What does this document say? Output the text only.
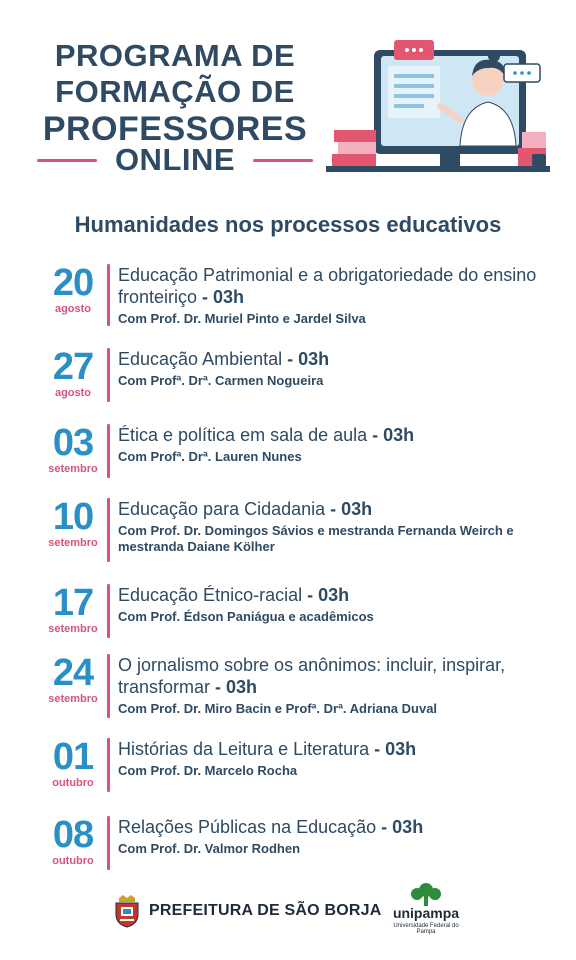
PROGRAMA DE
FORMAÇÃO DE
PROFESSORES
ONLINE
Humanidades nos processos educativos
20
agosto
Educação Patrimonial e a obrigatoriedade do ensino fronteiriço - 03h
Com Prof. Dr. Muriel Pinto e Jardel Silva
27
agosto
Educação Ambiental - 03h
Com Profª. Drª. Carmen Nogueira
03
setembro
Ética e política em sala de aula - 03h
Com Profª. Drª. Lauren Nunes
10
setembro
Educação para Cidadania - 03h
Com Prof. Dr. Domingos Sávios e mestranda Fernanda Weirch e mestranda Daiane Kölher
17
setembro
Educação Étnico-racial - 03h
Com Prof. Édson Paniágua e acadêmicos
24
setembro
O jornalismo sobre os anônimos: incluir, inspirar, transformar - 03h
Com Prof. Dr. Miro Bacin e Profª. Drª. Adriana Duval
01
outubro
Histórias da Leitura e Literatura - 03h
Com Prof. Dr. Marcelo Rocha
08
outubro
Relações Públicas na Educação - 03h
Com Prof. Dr. Valmor Rodhen
PREFEITURA DE SÃO BORJA unipampa
Universidade Federal do Pampa
